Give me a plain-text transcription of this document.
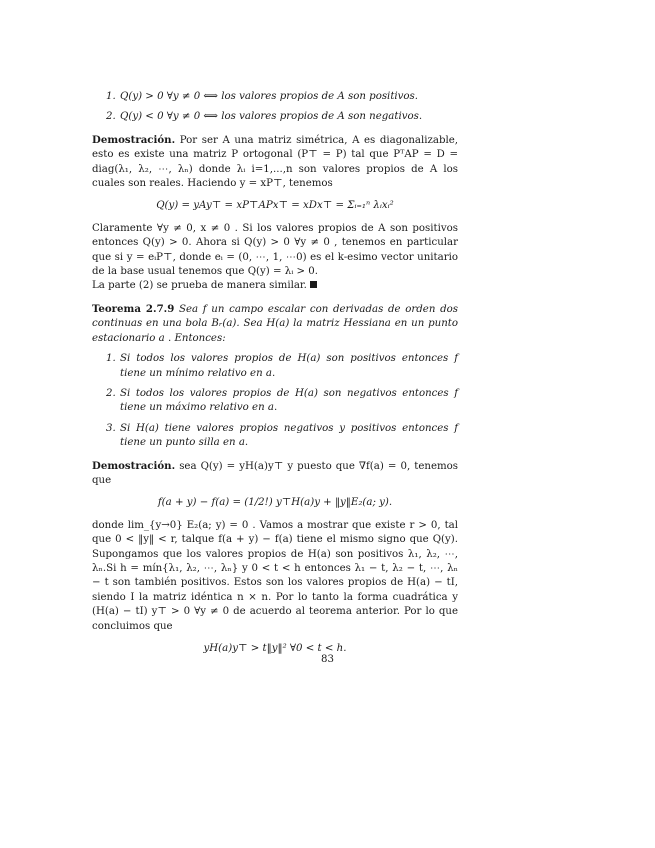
1. Q(y) > 0 ∀y ≠ 0 ⟺ los valores propios de A son positivos.
2. Q(y) < 0 ∀y ≠ 0 ⟺ los valores propios de A son negativos.

Demostración. Por ser A una matriz simétrica, A es diagonalizable, esto es existe una matriz P ortogonal (P⊤ = P) tal que PᵀAP = D = diag(λ₁, λ₂, ⋯, λₙ) donde λᵢ i=1,...,n son valores propios de A los cuales son reales. Haciendo y = xP⊤, tenemos

Q(y) = yAy⊤ = xP⊤APx⊤ = xDx⊤ = Σᵢ₌₁ⁿ λᵢxᵢ²

Claramente ∀y ≠ 0, x ≠ 0 . Si los valores propios de A son positivos entonces Q(y) > 0. Ahora si Q(y) > 0 ∀y ≠ 0 , tenemos en particular que si y = eᵢP⊤, donde eᵢ = (0, ⋯, 1, ⋯0) es el k-esimo vector unitario de la base usual tenemos que Q(y) = λᵢ > 0.

La parte (2) se prueba de manera similar.

Teorema 2.7.9 Sea f un campo escalar con derivadas de orden dos continuas en una bola Bᵣ(a). Sea H(a) la matriz Hessiana en un punto estacionario a . Entonces:

1. Si todos los valores propios de H(a) son positivos entonces f tiene un mínimo relativo en a.
2. Si todos los valores propios de H(a) son negativos entonces f tiene un máximo relativo en a.
3. Si H(a) tiene valores propios negativos y positivos entonces f tiene un punto silla en a.

Demostración. sea Q(y) = yH(a)y⊤ y puesto que ∇f(a) = 0, tenemos que

f(a + y) − f(a) = (1/2!) y⊤H(a)y + ‖y‖E₂(a; y).

donde lim_{y→0} E₂(a; y) = 0 . Vamos a mostrar que existe r > 0, tal que 0 < ‖y‖ < r, talque f(a + y) − f(a) tiene el mismo signo que Q(y). Supongamos que los valores propios de H(a) son positivos λ₁, λ₂, ⋯, λₙ.Si h = mín{λ₁, λ₂, ⋯, λₙ} y 0 < t < h entonces λ₁ − t, λ₂ − t, ⋯, λₙ − t son también positivos. Estos son los valores propios de H(a) − tI, siendo I la matriz idéntica n × n. Por lo tanto la forma cuadrática y (H(a) − tI) y⊤ > 0 ∀y ≠ 0 de acuerdo al teorema anterior. Por lo que concluimos que

yH(a)y⊤ > t‖y‖² ∀0 < t < h.
83
